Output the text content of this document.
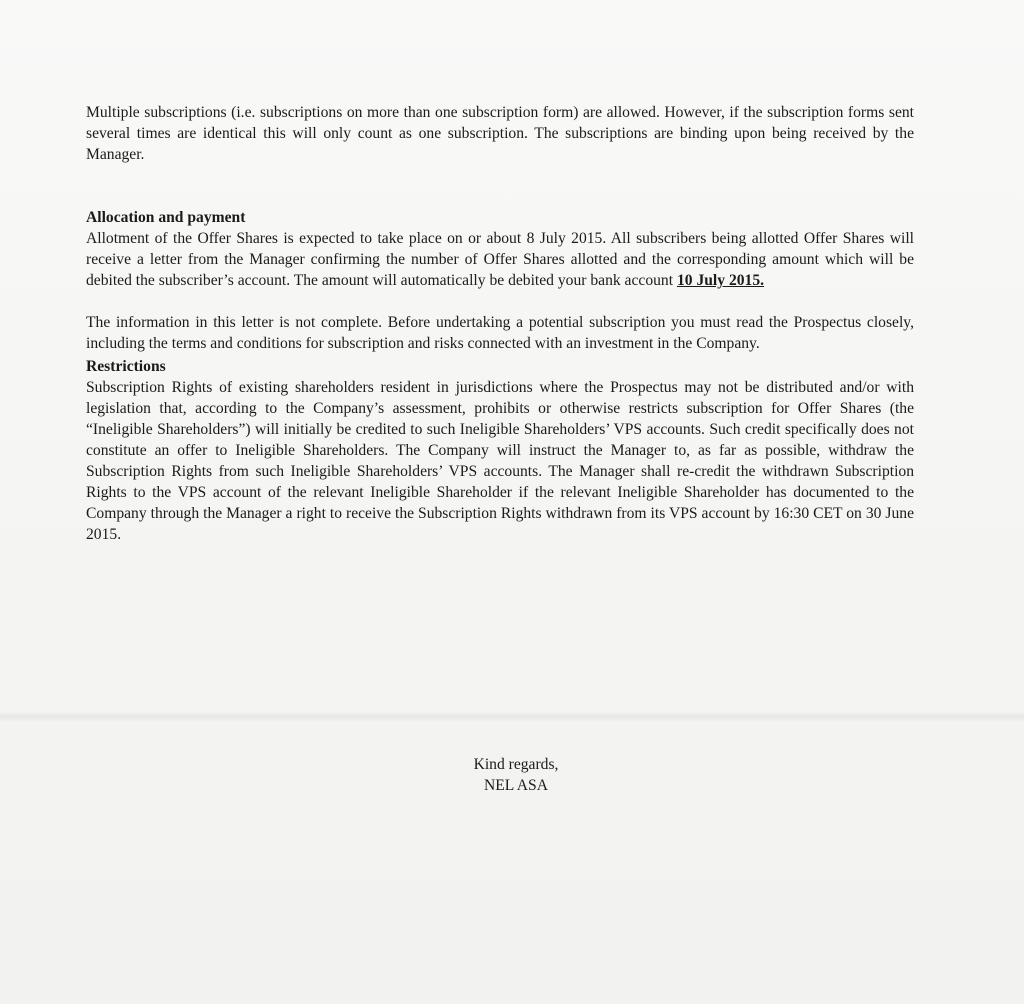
Multiple subscriptions (i.e. subscriptions on more than one subscription form) are allowed. However, if the subscription forms sent several times are identical this will only count as one subscription. The subscriptions are binding upon being received by the Manager.

Allocation and payment

Allotment of the Offer Shares is expected to take place on or about 8 July 2015. All subscribers being allotted Offer Shares will receive a letter from the Manager confirming the number of Offer Shares allotted and the corresponding amount which will be debited the subscriber’s account. The amount will automatically be debited your bank account 10 July 2015.

The information in this letter is not complete. Before undertaking a potential subscription you must read the Prospectus closely, including the terms and conditions for subscription and risks connected with an investment in the Company.

Restrictions

Subscription Rights of existing shareholders resident in jurisdictions where the Prospectus may not be distributed and/or with legislation that, according to the Company’s assessment, prohibits or otherwise restricts subscription for Offer Shares (the “Ineligible Shareholders”) will initially be credited to such Ineligible Shareholders’ VPS accounts. Such credit specifically does not constitute an offer to Ineligible Shareholders. The Company will instruct the Manager to, as far as possible, withdraw the Subscription Rights from such Ineligible Shareholders’ VPS accounts. The Manager shall re-credit the withdrawn Subscription Rights to the VPS account of the relevant Ineligible Shareholder if the relevant Ineligible Shareholder has documented to the Company through the Manager a right to receive the Subscription Rights withdrawn from its VPS account by 16:30 CET on 30 June 2015.

Kind regards,
NEL ASA
